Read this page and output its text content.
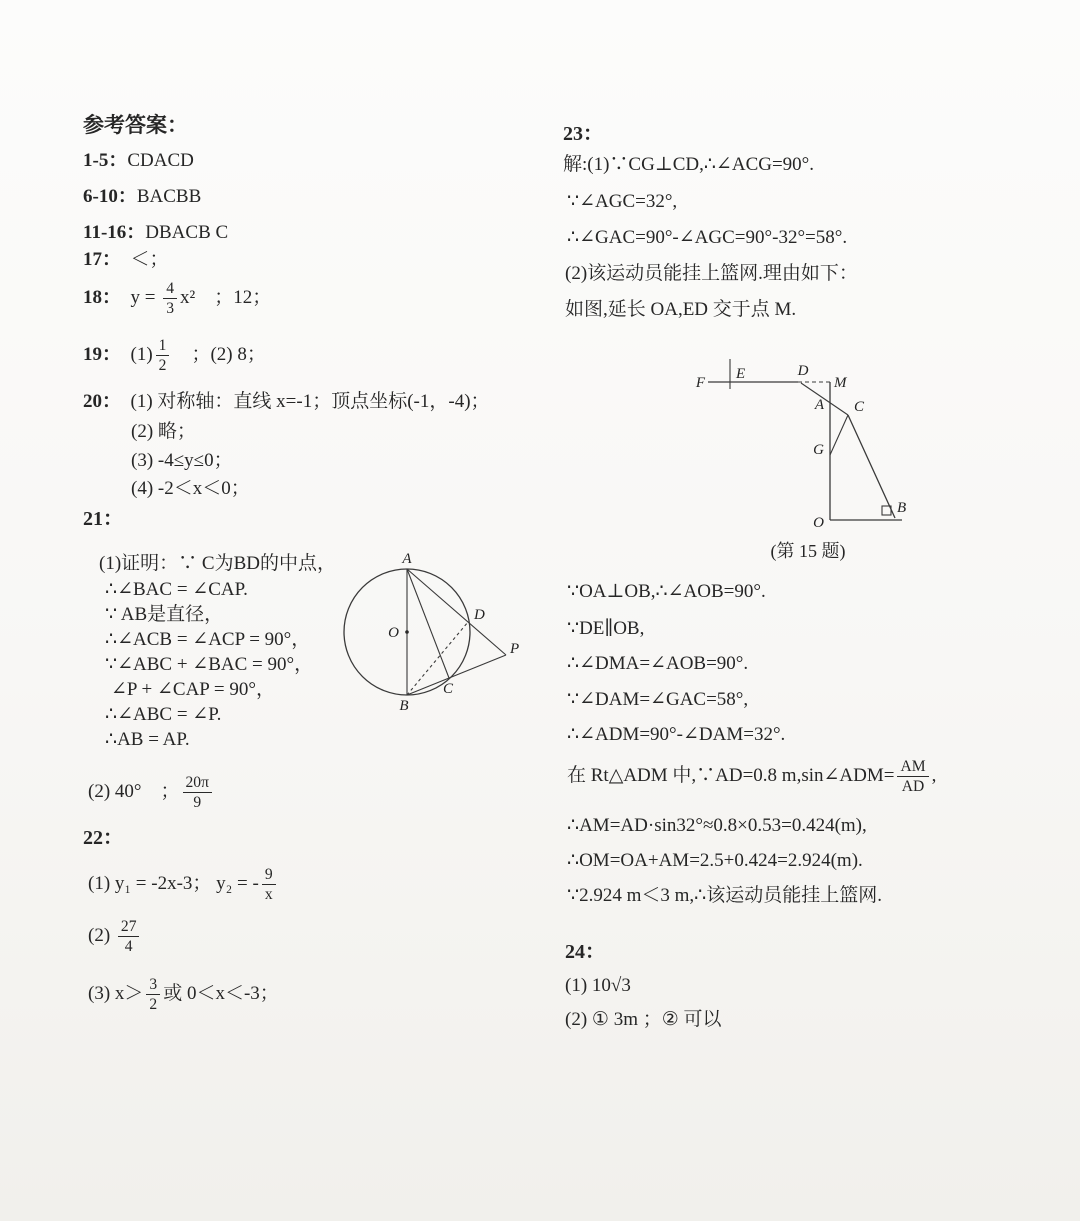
参考答案：
1-5：CDACD
6-10：BACBB
11-16：DBACB C
17：　＜；
18：　$y = \frac{4}{3} x^2$　；12；
19：　$(1) \frac{1}{2}$ 　；(2) 8；
20：　(1) 对称轴：直线 x=-1；顶点坐标(-1，-4)；
(2) 略；
(3) -4≤y≤0；
(4) -2＜x＜0；
21：
(1)证明：∵ C为BD的中点，
∴∠BAC = ∠CAP.
∵ AB是直径，
∴∠ACB = ∠ACP = 90°，
∵∠ABC + ∠BAC = 90°，
∠P + ∠CAP = 90°，
∴∠ABC = ∠P.
∴AB = AP.
A
O
D
C
B
P
(2) 40°　； $\frac{20\pi}{9}$
22：
(1) y₁ = -2x-3； y₂ = - $\frac{9}{x}$
$(2) \frac{27}{4}$
(3) $x> \frac{3}{2}$ 或 0＜x＜-3；
23：
解:(1)∵CG⊥CD,∴∠ACG=90°.
∵∠AGC=32°,
∴∠GAC=90°-∠AGC=90°-32°=58°.
(2)该运动员能挂上篮网.理由如下：
如图,延长 OA,ED 交于点 M.
F
E	D
M
A C
G
O
B
(第 15 题)
∵OA⊥OB,∴∠AOB=90°.
∵DE∥OB,
∴∠DMA=∠AOB=90°.
∵∠DAM=∠GAC=58°,
∴∠ADM=90°-∠DAM=32°.
在 Rt△ADM 中,∵AD=0.8 m,sin∠ADM= $\frac{AM}{AD}$ ,
∴AM=AD·sin32°≈0.8×0.53=0.424(m),
∴OM=OA+AM=2.5+0.424=2.924(m).
∵2.924 m＜3 m,∴该运动员能挂上篮网.
24：
(1) 10√3
(2) ① 3m ；② 可以
